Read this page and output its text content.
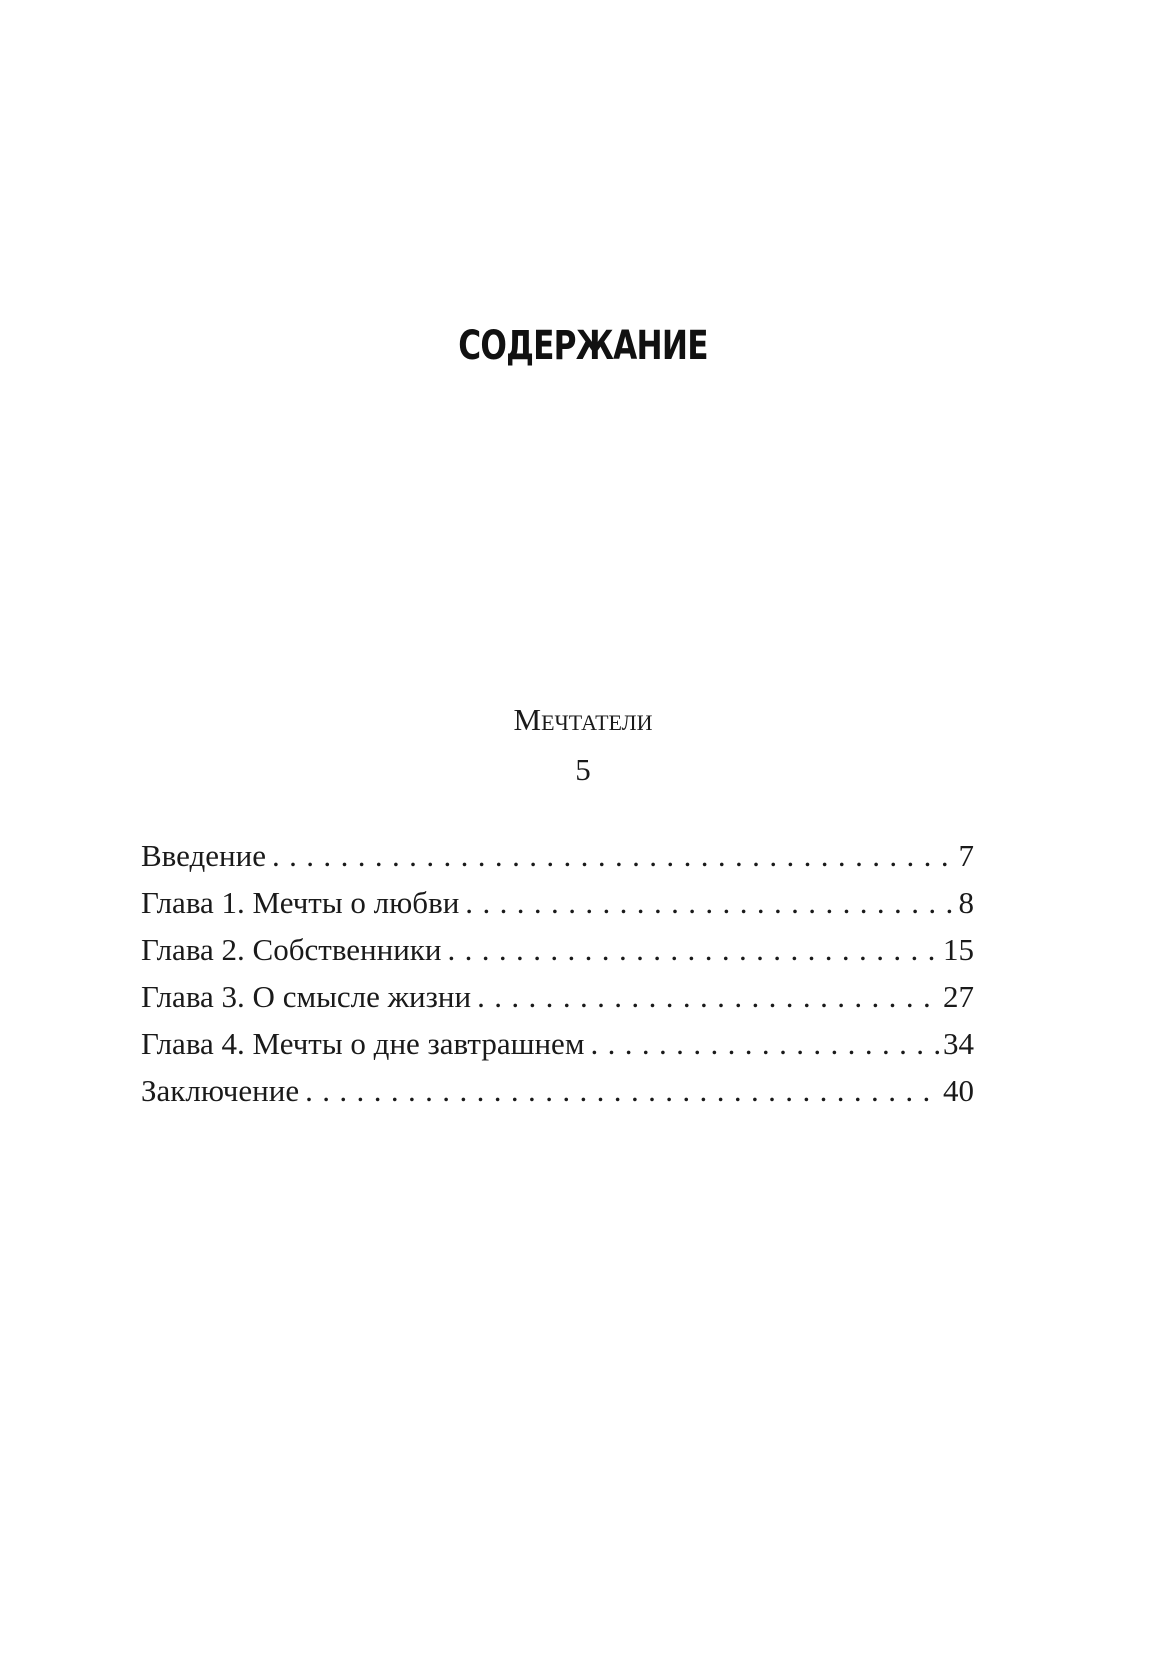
СОДЕРЖАНИЕ
Мечтатели
5
Введение .....	7
Глава 1. Мечты о любви .....	8
Глава 2. Собственники .....	15
Глава 3. О смысле жизни .....	27
Глава 4. Мечты о дне завтрашнем .....	34
Заключение .....	40
